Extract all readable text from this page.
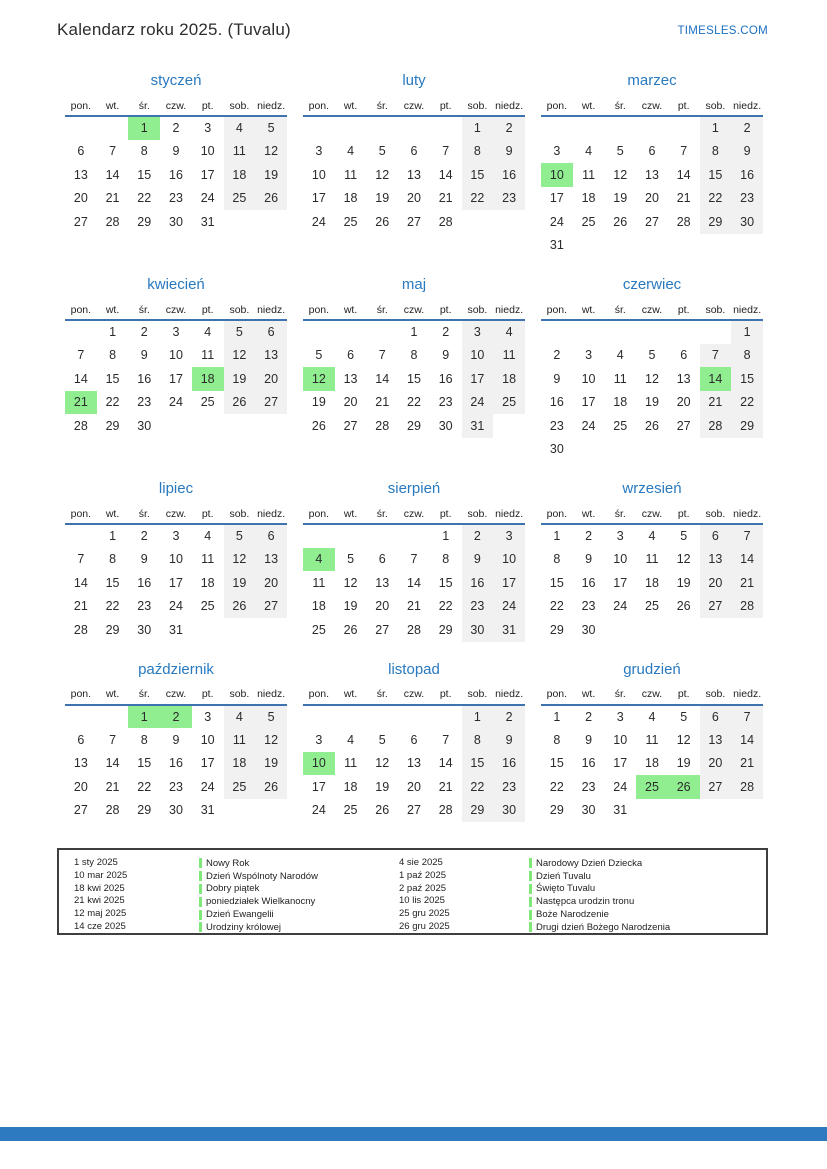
Kalendarz roku 2025. (Tuvalu)	TIMESLES.COM
styczeń
pon.	wt.	śr.	czw.	pt.	sob.	niedz.
		1	2	3	4	5
6	7	8	9	10	11	12
13	14	15	16	17	18	19
20	21	22	23	24	25	26
27	28	29	30	31		
luty
pon.	wt.	śr.	czw.	pt.	sob.	niedz.
					1	2
3	4	5	6	7	8	9
10	11	12	13	14	15	16
17	18	19	20	21	22	23
24	25	26	27	28		
marzec
pon.	wt.	śr.	czw.	pt.	sob.	niedz.
					1	2
3	4	5	6	7	8	9
10	11	12	13	14	15	16
17	18	19	20	21	22	23
24	25	26	27	28	29	30
31						
kwiecień
pon.	wt.	śr.	czw.	pt.	sob.	niedz.
	1	2	3	4	5	6
7	8	9	10	11	12	13
14	15	16	17	18	19	20
21	22	23	24	25	26	27
28	29	30				
maj
pon.	wt.	śr.	czw.	pt.	sob.	niedz.
			1	2	3	4
5	6	7	8	9	10	11
12	13	14	15	16	17	18
19	20	21	22	23	24	25
26	27	28	29	30	31	
czerwiec
pon.	wt.	śr.	czw.	pt.	sob.	niedz.
						1
2	3	4	5	6	7	8
9	10	11	12	13	14	15
16	17	18	19	20	21	22
23	24	25	26	27	28	29
30						
lipiec
pon.	wt.	śr.	czw.	pt.	sob.	niedz.
	1	2	3	4	5	6
7	8	9	10	11	12	13
14	15	16	17	18	19	20
21	22	23	24	25	26	27
28	29	30	31			
sierpień
pon.	wt.	śr.	czw.	pt.	sob.	niedz.
				1	2	3
4	5	6	7	8	9	10
11	12	13	14	15	16	17
18	19	20	21	22	23	24
25	26	27	28	29	30	31
wrzesień
pon.	wt.	śr.	czw.	pt.	sob.	niedz.
1	2	3	4	5	6	7
8	9	10	11	12	13	14
15	16	17	18	19	20	21
22	23	24	25	26	27	28
29	30					
październik
pon.	wt.	śr.	czw.	pt.	sob.	niedz.
		1	2	3	4	5
6	7	8	9	10	11	12
13	14	15	16	17	18	19
20	21	22	23	24	25	26
27	28	29	30	31		
listopad
pon.	wt.	śr.	czw.	pt.	sob.	niedz.
					1	2
3	4	5	6	7	8	9
10	11	12	13	14	15	16
17	18	19	20	21	22	23
24	25	26	27	28	29	30
grudzień
pon.	wt.	śr.	czw.	pt.	sob.	niedz.
1	2	3	4	5	6	7
8	9	10	11	12	13	14
15	16	17	18	19	20	21
22	23	24	25	26	27	28
29	30	31				
1 sty 2025	Nowy Rok	4 sie 2025	Narodowy Dzień Dziecka
10 mar 2025	Dzień Wspólnoty Narodów	1 paź 2025	Dzień Tuvalu
18 kwi 2025	Dobry piątek	2 paź 2025	Święto Tuvalu
21 kwi 2025	poniedziałek Wielkanocny	10 lis 2025	Następca urodzin tronu
12 maj 2025	Dzień Ewangelii	25 gru 2025	Boże Narodzenie
14 cze 2025	Urodziny królowej	26 gru 2025	Drugi dzień Bożego Narodzenia
